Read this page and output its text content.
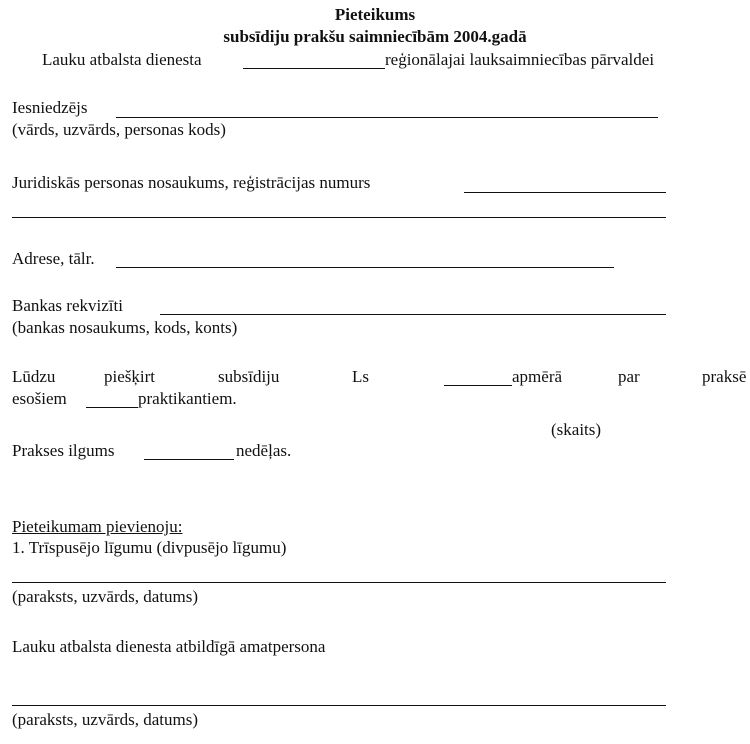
Pieteikums
subsīdiju prakšu saimniecībām 2004.gadā
Lauku atbalsta dienesta	reģionālajai lauksaimniecības pārvaldei
Iesniedzējs
(vārds, uzvārds, personas kods)
Juridiskās personas nosaukums, reģistrācijas numurs
Adrese, tālr.
Bankas rekvizīti
(bankas nosaukums, kods, konts)
Lūdzu	piešķirt	subsīdiju	Ls	apmērā	par	praksē
esošiem	praktikantiem.
(skaits)
Prakses ilgums	nedēļas.
Pieteikumam pievienoju:
1. Trīspusējo līgumu (divpusējo līgumu)
(paraksts, uzvārds, datums)
Lauku atbalsta dienesta atbildīgā amatpersona
(paraksts, uzvārds, datums)
